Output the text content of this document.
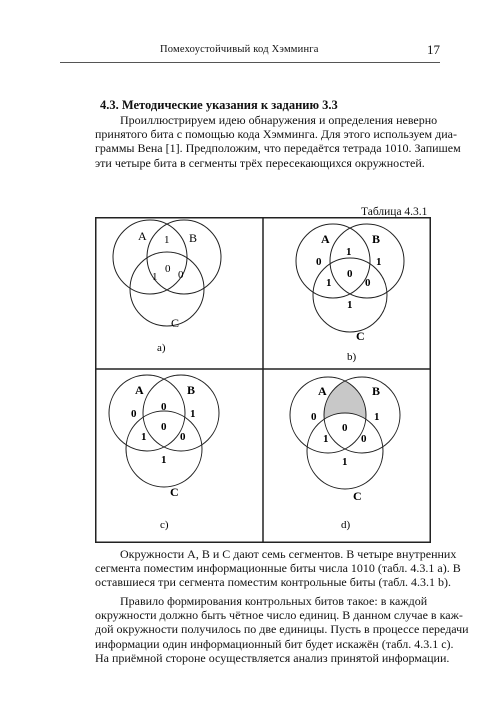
Помехоустойчивый код Хэмминга	17
4.3. Методические указания к заданию 3.3
Проиллюстрируем идею обнаружения и определения неверно
принятого бита с помощью кода Хэмминга. Для этого используем диа-
граммы Вена [1]. Предположим, что передаётся тетрада 1010. Запишем
эти четыре бита в сегменты трёх пересекающихся окружностей.
Таблица 4.3.1
A	B
1
1 0
0
C
a)
A	B
0
1
1
1
0
0
1
C
b)
A	B
0
0
1
1
0
0
1
C
c)
A	B
0	1
1
0
0
1
C
d)
Окружности A, B и C дают семь сегментов. В четыре внутренних
сегмента поместим информационные биты числа 1010 (табл. 4.3.1 a). В
оставшиеся три сегмента поместим контрольные биты (табл. 4.3.1 b).
Правило формирования контрольных битов такое: в каждой
окружности должно быть чётное число единиц. В данном случае в каж-
дой окружности получилось по две единицы. Пусть в процессе передачи
информации один информационный бит будет искажён (табл. 4.3.1 c).
На приёмной стороне осуществляется анализ принятой информации.
